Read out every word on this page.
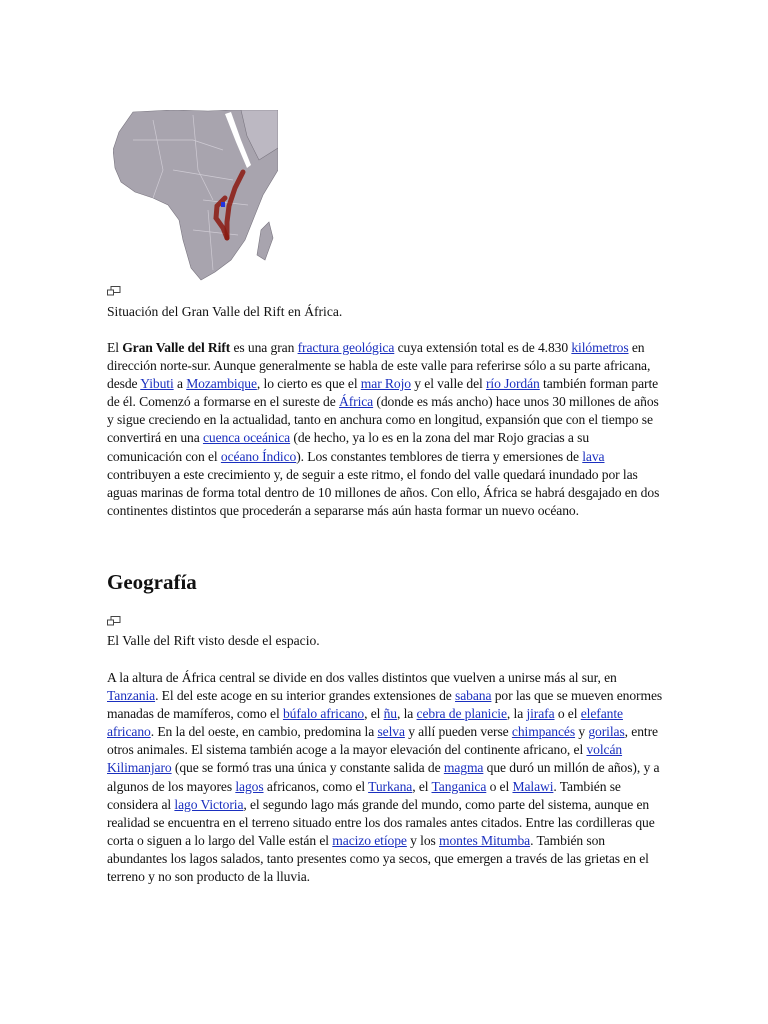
Situación del Gran Valle del Rift en África.

El Gran Valle del Rift es una gran fractura geológica cuya extensión total es de 4.830 kilómetros en dirección norte-sur. Aunque generalmente se habla de este valle para referirse sólo a su parte africana, desde Yibuti a Mozambique, lo cierto es que el mar Rojo y el valle del río Jordán también forman parte de él. Comenzó a formarse en el sureste de África (donde es más ancho) hace unos 30 millones de años y sigue creciendo en la actualidad, tanto en anchura como en longitud, expansión que con el tiempo se convertirá en una cuenca oceánica (de hecho, ya lo es en la zona del mar Rojo gracias a su comunicación con el océano Índico). Los constantes temblores de tierra y emersiones de lava contribuyen a este crecimiento y, de seguir a este ritmo, el fondo del valle quedará inundado por las aguas marinas de forma total dentro de 10 millones de años. Con ello, África se habrá desgajado en dos continentes distintos que procederán a separarse más aún hasta formar un nuevo océano.

Geografía
El Valle del Rift visto desde el espacio.

A la altura de África central se divide en dos valles distintos que vuelven a unirse más al sur, en Tanzania. El del este acoge en su interior grandes extensiones de sabana por las que se mueven enormes manadas de mamíferos, como el búfalo africano, el ñu, la cebra de planicie, la jirafa o el elefante africano. En la del oeste, en cambio, predomina la selva y allí pueden verse chimpancés y gorilas, entre otros animales. El sistema también acoge a la mayor elevación del continente africano, el volcán Kilimanjaro (que se formó tras una única y constante salida de magma que duró un millón de años), y a algunos de los mayores lagos africanos, como el Turkana, el Tanganica o el Malawi. También se considera al lago Victoria, el segundo lago más grande del mundo, como parte del sistema, aunque en realidad se encuentra en el terreno situado entre los dos ramales antes citados. Entre las cordilleras que corta o siguen a lo largo del Valle están el macizo etíope y los montes Mitumba. También son abundantes los lagos salados, tanto presentes como ya secos, que emergen a través de las grietas en el terreno y no son producto de la lluvia.
